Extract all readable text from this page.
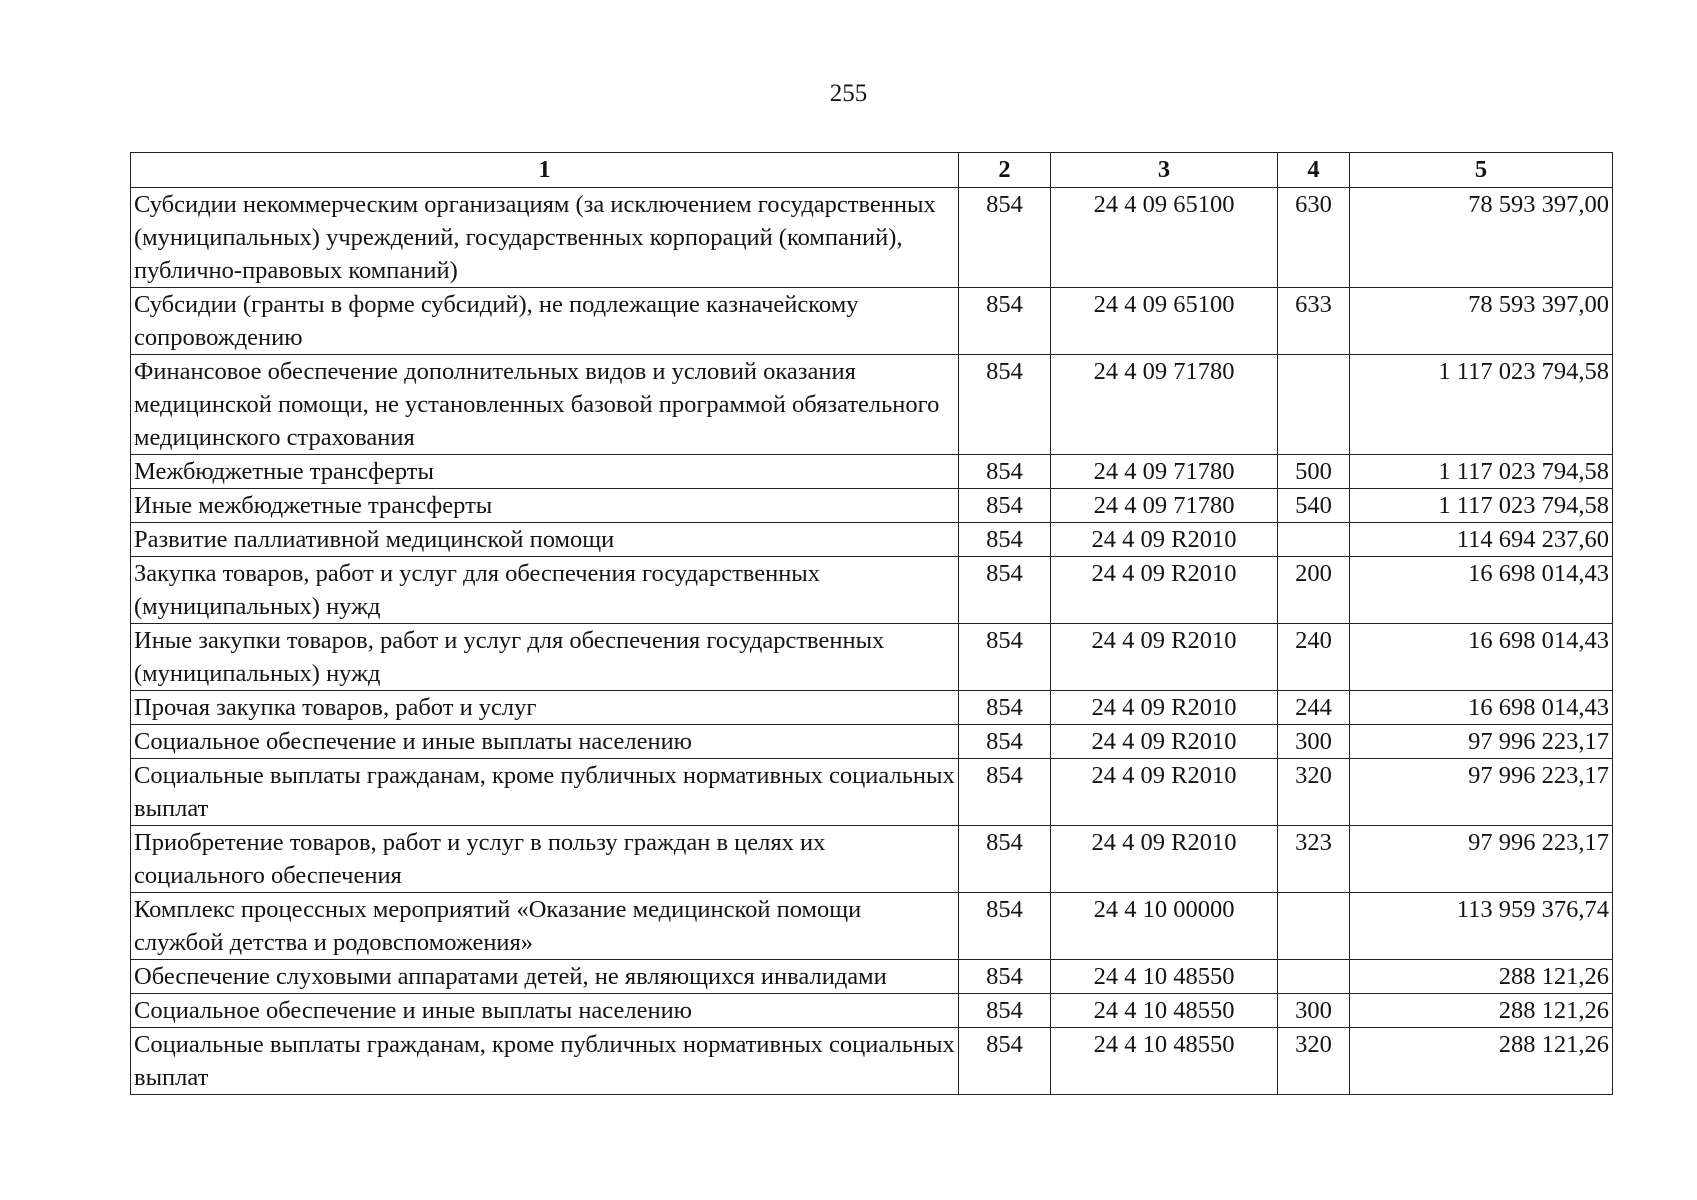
255
1	2	3	4	5
Субсидии некоммерческим организациям (за исключением государственных (муниципальных) учреждений, государственных корпораций (компаний), публично-правовых компаний)	854	24 4 09 65100	630	78 593 397,00
Субсидии (гранты в форме субсидий), не подлежащие казначейскому сопровождению	854	24 4 09 65100	633	78 593 397,00
Финансовое обеспечение дополнительных видов и условий оказания медицинской помощи, не установленных базовой программой обязательного медицинского страхования	854	24 4 09 71780		1 117 023 794,58
Межбюджетные трансферты	854	24 4 09 71780	500	1 117 023 794,58
Иные межбюджетные трансферты	854	24 4 09 71780	540	1 117 023 794,58
Развитие паллиативной медицинской помощи	854	24 4 09 R2010		114 694 237,60
Закупка товаров, работ и услуг для обеспечения государственных (муниципальных) нужд	854	24 4 09 R2010	200	16 698 014,43
Иные закупки товаров, работ и услуг для обеспечения государственных (муниципальных) нужд	854	24 4 09 R2010	240	16 698 014,43
Прочая закупка товаров, работ и услуг	854	24 4 09 R2010	244	16 698 014,43
Социальное обеспечение и иные выплаты населению	854	24 4 09 R2010	300	97 996 223,17
Социальные выплаты гражданам, кроме публичных нормативных социальных выплат	854	24 4 09 R2010	320	97 996 223,17
Приобретение товаров, работ и услуг в пользу граждан в целях их социального обеспечения	854	24 4 09 R2010	323	97 996 223,17
Комплекс процессных мероприятий «Оказание медицинской помощи службой детства и родовспоможения»	854	24 4 10 00000		113 959 376,74
Обеспечение слуховыми аппаратами детей, не являющихся инвалидами	854	24 4 10 48550		288 121,26
Социальное обеспечение и иные выплаты населению	854	24 4 10 48550	300	288 121,26
Социальные выплаты гражданам, кроме публичных нормативных социальных выплат	854	24 4 10 48550	320	288 121,26
